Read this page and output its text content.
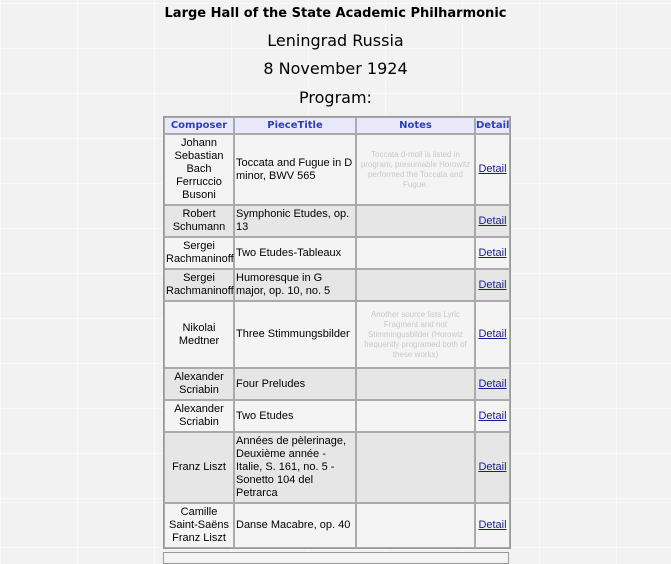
Large Hall of the State Academic Philharmonic
Leningrad Russia
8 November 1924
Program:
Composer	PieceTitle	Notes	Detail
Johann Sebastian Bach Ferruccio Busoni	Toccata and Fugue in D minor, BWV 565	Toccata d-moll is listed in program, presumable Horowitz performed the Toccata and Fugue.	Detail
Robert Schumann	Symphonic Etudes, op. 13		Detail
Sergei Rachmaninoff	Two Etudes-Tableaux		Detail
Sergei Rachmaninoff	Humoresque in G major, op. 10, no. 5		Detail
Nikolai Medtner	Three Stimmungsbilder	Another source lists Lyric Fragment and not Stimmingusbilder (Horowiz frequently programed both of these works)	Detail
Alexander Scriabin	Four Preludes		Detail
Alexander Scriabin	Two Etudes		Detail
Franz Liszt	Années de pèlerinage, Deuxième année - Italie, S. 161, no. 5 - Sonetto 104 del Petrarca		Detail
Camille Saint-Saëns Franz Liszt	Danse Macabre, op. 40		Detail
